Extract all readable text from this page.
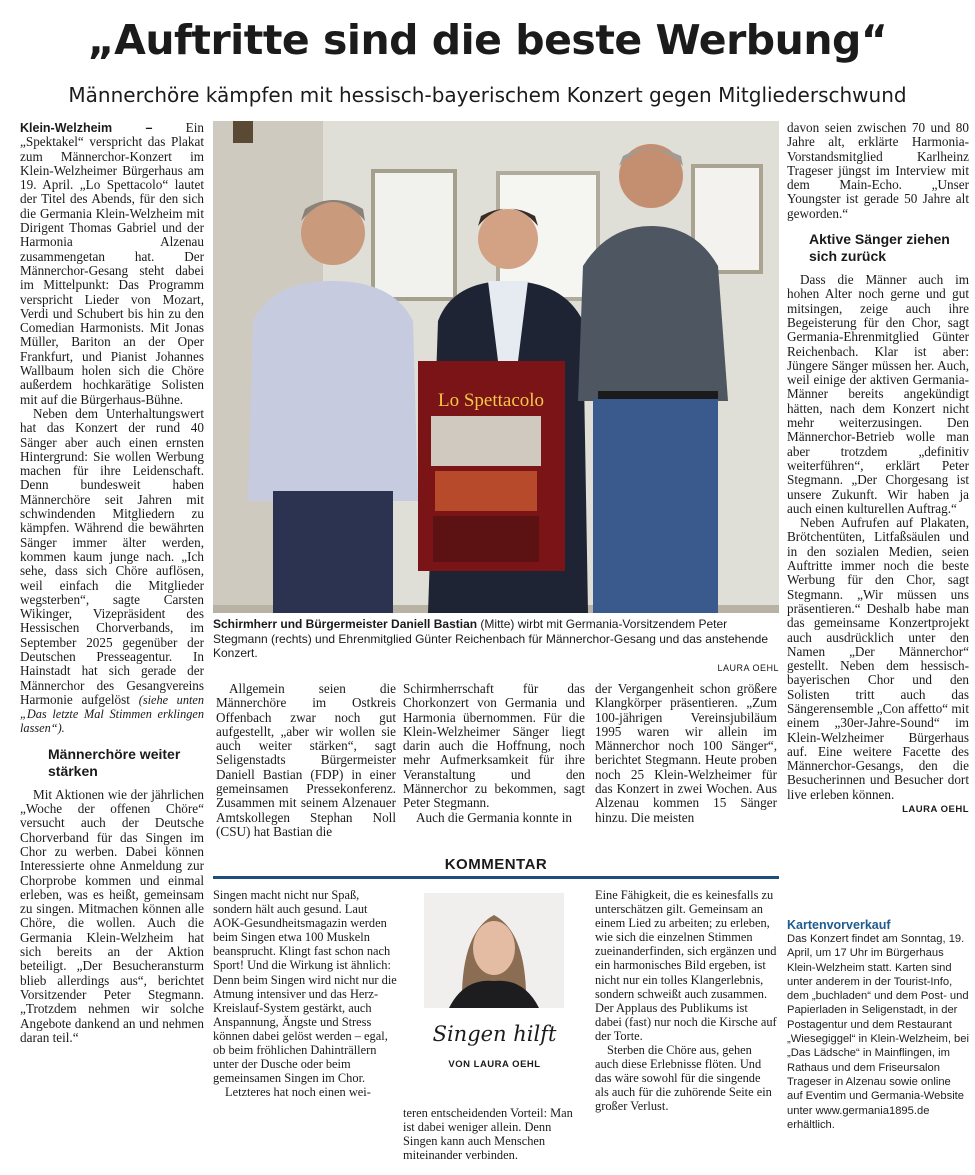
„Auftritte sind die beste Werbung“
Männerchöre kämpfen mit hessisch-bayerischem Konzert gegen Mitgliederschwund

Klein-Welzheim –	Ein „Spektakel“ verspricht das Plakat zum Männerchor-Konzert im Klein-Welzheimer Bürgerhaus am 19. April. „Lo Spettacolo“ lautet der Titel des Abends, für den sich die Germania Klein-Welzheim mit Dirigent Thomas Gabriel und der Harmonia Alzenau zusammengetan hat. Der Männerchor-Gesang steht dabei im Mittelpunkt: Das Programm verspricht Lieder von Mozart, Verdi und Schubert bis hin zu den Comedian Harmonists. Mit Jonas Müller, Bariton an der Oper Frankfurt, und Pianist Johannes Wallbaum holen sich die Chöre außerdem hochkarätige Solisten mit auf die Bürgerhaus-Bühne.

Neben dem Unterhaltungswert hat das Konzert der rund 40 Sänger aber auch einen ernsten Hintergrund: Sie wollen Werbung machen für ihre Leidenschaft. Denn bundesweit haben Männerchöre seit Jahren mit schwindenden Mitgliedern zu kämpfen. Während die bewährten Sänger immer älter werden, kommen kaum junge nach. „Ich sehe, dass sich Chöre auflösen, weil einfach die Mitglieder wegsterben“, sagte Carsten Wikinger, Vizepräsident des Hessischen Chorverbands, im September 2025 gegenüber der Deutschen Presseagentur. In Hainstadt hat sich gerade der Männerchor des Gesangvereins Harmonie aufgelöst (siehe unten „Das letzte Mal Stimmen erklingen lassen“).

Männerchöre weiter stärken

Mit Aktionen wie der jährlichen „Woche der offenen Chöre“ versucht auch der Deutsche Chorverband für das Singen im Chor zu werben. Dabei können Interessierte ohne Anmeldung zur Chorprobe kommen und einmal erleben, was es heißt, gemeinsam zu singen. Mitmachen können alle Chöre, die wollen. Auch die Germania Klein-Welzheim hat sich bereits an der Aktion beteiligt. „Der Besucheransturm blieb allerdings aus“, berichtet Vorsitzender Peter Stegmann. „Trotzdem nehmen wir solche Angebote dankend an und nehmen daran teil.“

Lo Spettacolo
Schirmherr und Bürgermeister Daniell Bastian (Mitte) wirbt mit Germania-Vorsitzendem Peter Stegmann (rechts) und Ehrenmitglied Günter Reichenbach für Männerchor-Gesang und das anstehende Konzert.
LAURA OEHL

Allgemein seien die Männerchöre im Ostkreis Offenbach zwar noch gut aufgestellt, „aber wir wollen sie auch weiter stärken“, sagt Seligenstadts Bürgermeister Daniell Bastian (FDP) in einer gemeinsamen Pressekonferenz. Zusammen mit seinem Alzenauer Amtskollegen Stephan Noll (CSU) hat Bastian die

Schirmherrschaft für das Chorkonzert von Germania und Harmonia übernommen. Für die Klein-Welzheimer Sänger liegt darin auch die Hoffnung, noch mehr Aufmerksamkeit für ihre Veranstaltung und den Männerchor zu bekommen, sagt Peter Stegmann.

Auch die Germania konnte in

der Vergangenheit schon größere Klangkörper präsentieren. „Zum 100-jährigen Vereinsjubiläum 1995 waren wir allein im Männerchor noch 100 Sänger“, berichtet Stegmann. Heute proben noch 25 Klein-Welzheimer für das Konzert in zwei Wochen. Aus Alzenau kommen 15 Sänger hinzu. Die meisten

KOMMENTAR

Singen macht nicht nur Spaß, sondern hält auch gesund. Laut AOK-Gesundheitsmagazin werden beim Singen etwa 100 Muskeln beansprucht. Klingt fast schon nach Sport! Und die Wirkung ist ähnlich: Denn beim Singen wird nicht nur die Atmung intensiver und das Herz-Kreislauf-System gestärkt, auch Anspannung, Ängste und Stress können dabei gelöst werden – egal, ob beim fröhlichen Dahinträllern unter der Dusche oder beim gemeinsamen Singen im Chor.

Letzteres hat noch einen wei-

Singen hilft
VON LAURA OEHL

teren entscheidenden Vorteil: Man ist dabei weniger allein. Denn Singen kann auch Menschen miteinander verbinden.

Eine Fähigkeit, die es keinesfalls zu unterschätzen gilt. Gemeinsam an einem Lied zu arbeiten; zu erleben, wie sich die einzelnen Stimmen zueinanderfinden, sich ergänzen und ein harmonisches Bild ergeben, ist nicht nur ein tolles Klangerlebnis, sondern schweißt auch zusammen. Der Applaus des Publikums ist dabei (fast) nur noch die Kirsche auf der Torte.

Sterben die Chöre aus, gehen auch diese Erlebnisse flöten. Und das wäre sowohl für die singende als auch für die zuhörende Seite ein großer Verlust.

davon seien zwischen 70 und 80 Jahre alt, erklärte Harmonia-Vorstandsmitglied Karlheinz Trageser jüngst im Interview mit dem Main-Echo. „Unser Youngster ist gerade 50 Jahre alt geworden.“

Aktive Sänger ziehen sich zurück

Dass die Männer auch im hohen Alter noch gerne und gut mitsingen, zeige auch ihre Begeisterung für den Chor, sagt Germania-Ehrenmitglied Günter Reichenbach. Klar ist aber: Jüngere Sänger müssen her. Auch, weil einige der aktiven Germania-Männer bereits angekündigt hätten, nach dem Konzert nicht mehr weiterzusingen. Den Männerchor-Betrieb wolle man aber trotzdem „definitiv weiterführen“, erklärt Peter Stegmann. „Der Chorgesang ist unsere Zukunft. Wir haben ja auch einen kulturellen Auftrag.“

Neben Aufrufen auf Plakaten, Brötchentüten, Litfaßsäulen und in den sozialen Medien, seien Auftritte immer noch die beste Werbung für den Chor, sagt Stegmann. „Wir müssen uns präsentieren.“ Deshalb habe man das gemeinsame Konzertprojekt auch ausdrücklich unter den Namen „Der Männerchor“ gestellt. Neben dem hessisch-bayerischen Chor und den Solisten tritt auch das Sängerensemble „Con affetto“ mit einem „30er-Jahre-Sound“ im Klein-Welzheimer Bürgerhaus auf. Eine weitere Facette des Männerchor-Gesangs, den die Besucherinnen und Besucher dort live erleben können.

LAURA OEHL
Kartenvorverkauf
Das Konzert findet am Sonntag, 19. April, um 17 Uhr im Bürgerhaus Klein-Welzheim statt. Karten sind unter anderem in der Tourist-Info, dem „buchladen“ und dem Post- und Papierladen in Seligenstadt, in der Postagentur und dem Restaurant „Wiesegiggel“ in Klein-Welzheim, bei „Das Lädsche“ in Mainflingen, im Rathaus und dem Friseursalon Trageser in Alzenau sowie online auf Eventim und Germania-Website unter www.germania1895.de erhältlich.
